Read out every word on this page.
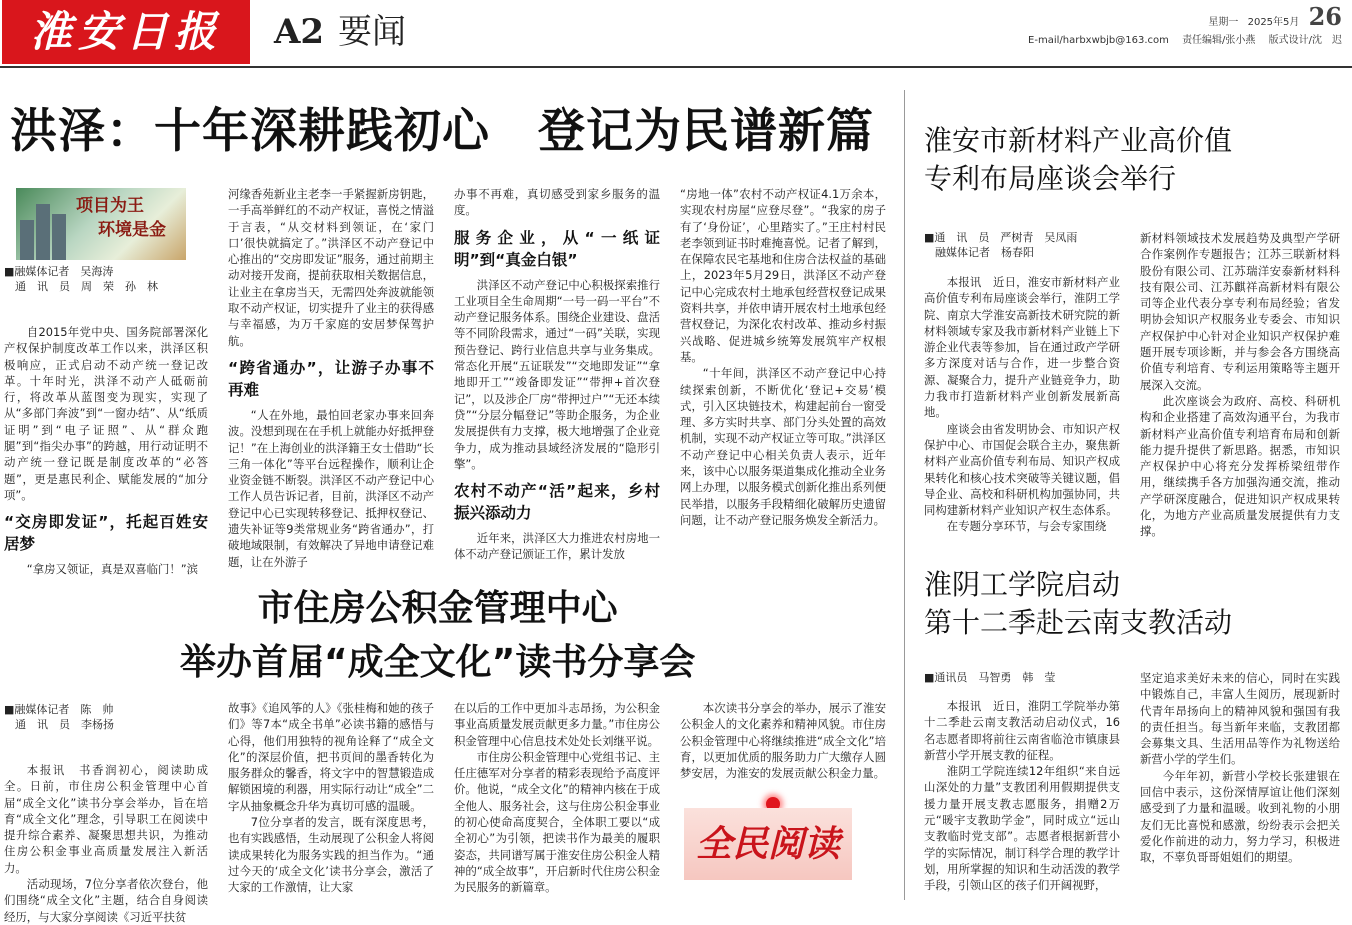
淮安日报	A2 要闻	星期一 2025年5月 26
E-mail/harbxwbjb@163.com 责任编辑/张小燕 版式设计/沈　迟
洪泽：十年深耕践初心　登记为民谱新篇
项目为王
环境是金
■融媒体记者　吴海涛
　通　讯　员　周　荣　孙　林

自2015年党中央、国务院部署深化产权保护制度改革工作以来，洪泽区积极响应，正式启动不动产统一登记改革。十年时光，洪泽不动产人砥砺前行，将改革从蓝图变为现实，实现了从“多部门奔波”到“一窗办结”、从“纸质证明”到“电子证照”、从“群众跑腿”到“指尖办事”的跨越，用行动证明不动产统一登记既是制度改革的“必答题”，更是惠民利企、赋能发展的“加分项”。

“交房即发证”，托起百姓安居梦

“拿房又领证，真是双喜临门！”滨

河缘香苑新业主老李一手紧握新房钥匙，一手高举鲜红的不动产权证，喜悦之情溢于言表，“从交材料到领证，在‘家门口’很快就搞定了。”洪泽区不动产登记中心推出的“交房即发证”服务，通过前期主动对接开发商，提前获取相关数据信息，让业主在拿房当天，无需四处奔波就能领取不动产权证，切实提升了业主的获得感与幸福感，为万千家庭的安居梦保驾护航。

“跨省通办”，让游子办事不再难

“人在外地，最怕回老家办事来回奔波。没想到现在在手机上就能办好抵押登记！”在上海创业的洪泽籍王女士借助“长三角一体化”等平台远程操作，顺利让企业资金链不断裂。洪泽区不动产登记中心工作人员告诉记者，目前，洪泽区不动产登记中心已实现转移登记、抵押权登记、遗失补证等9类常规业务“跨省通办”，打破地域限制，有效解决了异地申请登记难题，让在外游子

办事不再难，真切感受到家乡服务的温度。

服务企业，从“一纸证明”到“真金白银”

洪泽区不动产登记中心积极探索推行工业项目全生命周期“一号一码一平台”不动产登记服务体系。围绕企业建设、盘活等不同阶段需求，通过“一码”关联，实现预告登记、跨行业信息共享与业务集成。常态化开展“五证联发”“交地即发证”“拿地即开工”“竣备即发证”“带押+首次登记”，以及涉企厂房“带押过户”“无还本续贷”“分层分幅登记”等助企服务，为企业发展提供有力支撑，极大地增强了企业竞争力，成为推动县域经济发展的“隐形引擎”。

农村不动产“活”起来，乡村振兴添动力

近年来，洪泽区大力推进农村房地一体不动产登记颁证工作，累计发放

“房地一体”农村不动产权证4.1万余本，实现农村房屋“应登尽登”。“我家的房子有了‘身份证’，心里踏实了。”王庄村村民老李领到证书时难掩喜悦。记者了解到，在保障农民宅基地和住房合法权益的基础上，2023年5月29日，洪泽区不动产登记中心完成农村土地承包经营权登记成果资料共享，并依申请开展农村土地承包经营权登记，为深化农村改革、推动乡村振兴战略、促进城乡统筹发展筑牢产权根基。

“十年间，洪泽区不动产登记中心持续探索创新，不断优化‘登记+交易’模式，引入区块链技术，构建起前台一窗受理、多方实时共享、部门分头处置的高效机制，实现不动产权证立等可取。”洪泽区不动产登记中心相关负责人表示，近年来，该中心以服务渠道集成化推动全业务网上办理，以服务模式创新化推出系列便民举措，以服务手段精细化破解历史遗留问题，让不动产登记服务焕发全新活力。

淮安市新材料产业高价值
专利布局座谈会举行
■通　讯　员　严树青　吴凤雨
　融媒体记者　杨春阳

本报讯　近日，淮安市新材料产业高价值专利布局座谈会举行，淮阴工学院、南京大学淮安高新技术研究院的新材料领域专家及我市新材料产业链上下游企业代表等参加，旨在通过政产学研多方深度对话与合作，进一步整合资源、凝聚合力，提升产业链竞争力，助力我市打造新材料产业创新发展新高地。

座谈会由省发明协会、市知识产权保护中心、市国促会联合主办，聚焦新材料产业高价值专利布局、知识产权成果转化和核心技术突破等关键议题，倡导企业、高校和科研机构加强协同，共同构建新材料产业知识产权生态体系。

在专题分享环节，与会专家围绕

新材料领域技术发展趋势及典型产学研合作案例作专题报告；江苏三联新材料股份有限公司、江苏瑞洋安泰新材料科技有限公司、江苏麒祥高新材料有限公司等企业代表分享专利布局经验；省发明协会知识产权服务业专委会、市知识产权保护中心针对企业知识产权保护难题开展专项诊断，并与参会各方围绕高价值专利培育、专利运用策略等主题开展深入交流。

此次座谈会为政府、高校、科研机构和企业搭建了高效沟通平台，为我市新材料产业高价值专利培育布局和创新能力提升提供了新思路。据悉，市知识产权保护中心将充分发挥桥梁纽带作用，继续携手各方加强沟通交流，推动产学研深度融合，促进知识产权成果转化，为地方产业高质量发展提供有力支撑。

淮阴工学院启动
第十二季赴云南支教活动
■通讯员　马智勇　韩　莹

本报讯　近日，淮阴工学院举办第十二季赴云南支教活动启动仪式，16名志愿者即将前往云南省临沧市镇康县新营小学开展支教的征程。

淮阴工学院连续12年组织“来自远山深处的力量”支教团利用假期提供支援力量开展支教志愿服务，捐赠2万元“暖宇支教助学金”，同时成立“远山支教临时党支部”。志愿者根据新营小学的实际情况，制订科学合理的教学计划，用所掌握的知识和生动活泼的教学手段，引领山区的孩子们开阔视野，

坚定追求美好未来的信心，同时在实践中锻炼自己，丰富人生阅历，展现新时代青年昂扬向上的精神风貌和强国有我的责任担当。每当新年来临，支教团都会募集文具、生活用品等作为礼物送给新营小学的学生们。

今年年初，新营小学校长张建银在回信中表示，这份深情厚谊让他们深刻感受到了力量和温暖。收到礼物的小朋友们无比喜悦和感激，纷纷表示会把关爱化作前进的动力，努力学习，积极进取，不辜负哥哥姐姐们的期望。

市住房公积金管理中心
举办首届“成全文化”读书分享会
■融媒体记者　陈　帅
　通　讯　员　李杨扬

本报讯　书香润初心，阅读助成全。日前，市住房公积金管理中心首届“成全文化”读书分享会举办，旨在培育“成全文化”理念，引导职工在阅读中提升综合素养、凝聚思想共识，为推动住房公积金事业高质量发展注入新活力。

活动现场，7位分享者依次登台，他们围绕“成全文化”主题，结合自身阅读经历，与大家分享阅读《习近平扶贫

故事》《追风筝的人》《张桂梅和她的孩子们》等7本“成全书单”必读书籍的感悟与心得，他们用独特的视角诠释了“成全文化”的深层价值，把书页间的墨香转化为服务群众的馨香，将文字中的智慧锻造成解锁困境的利器，用实际行动让“成全”二字从抽象概念升华为真切可感的温暖。

7位分享者的发言，既有深度思考，也有实践感悟，生动展现了公积金人将阅读成果转化为服务实践的担当作为。“通过今天的‘成全文化’读书分享会，激活了大家的工作激情，让大家

在以后的工作中更加斗志昂扬，为公积金事业高质量发展贡献更多力量。”市住房公积金管理中心信息技术处处长刘继平说。

市住房公积金管理中心党组书记、主任庄德军对分享者的精彩表现给予高度评价。他说，“成全文化”的精神内核在于成全他人、服务社会，这与住房公积金事业的初心使命高度契合，全体职工要以“成全初心”为引领，把读书作为最美的履职姿态，共同谱写属于淮安住房公积金人精神的“成全故事”，开启新时代住房公积金为民服务的新篇章。

本次读书分享会的举办，展示了淮安公积金人的文化素养和精神风貌。市住房公积金管理中心将继续推进“成全文化”培育，以更加优质的服务助力广大缴存人圆梦安居，为淮安的发展贡献公积金力量。

全民阅读
